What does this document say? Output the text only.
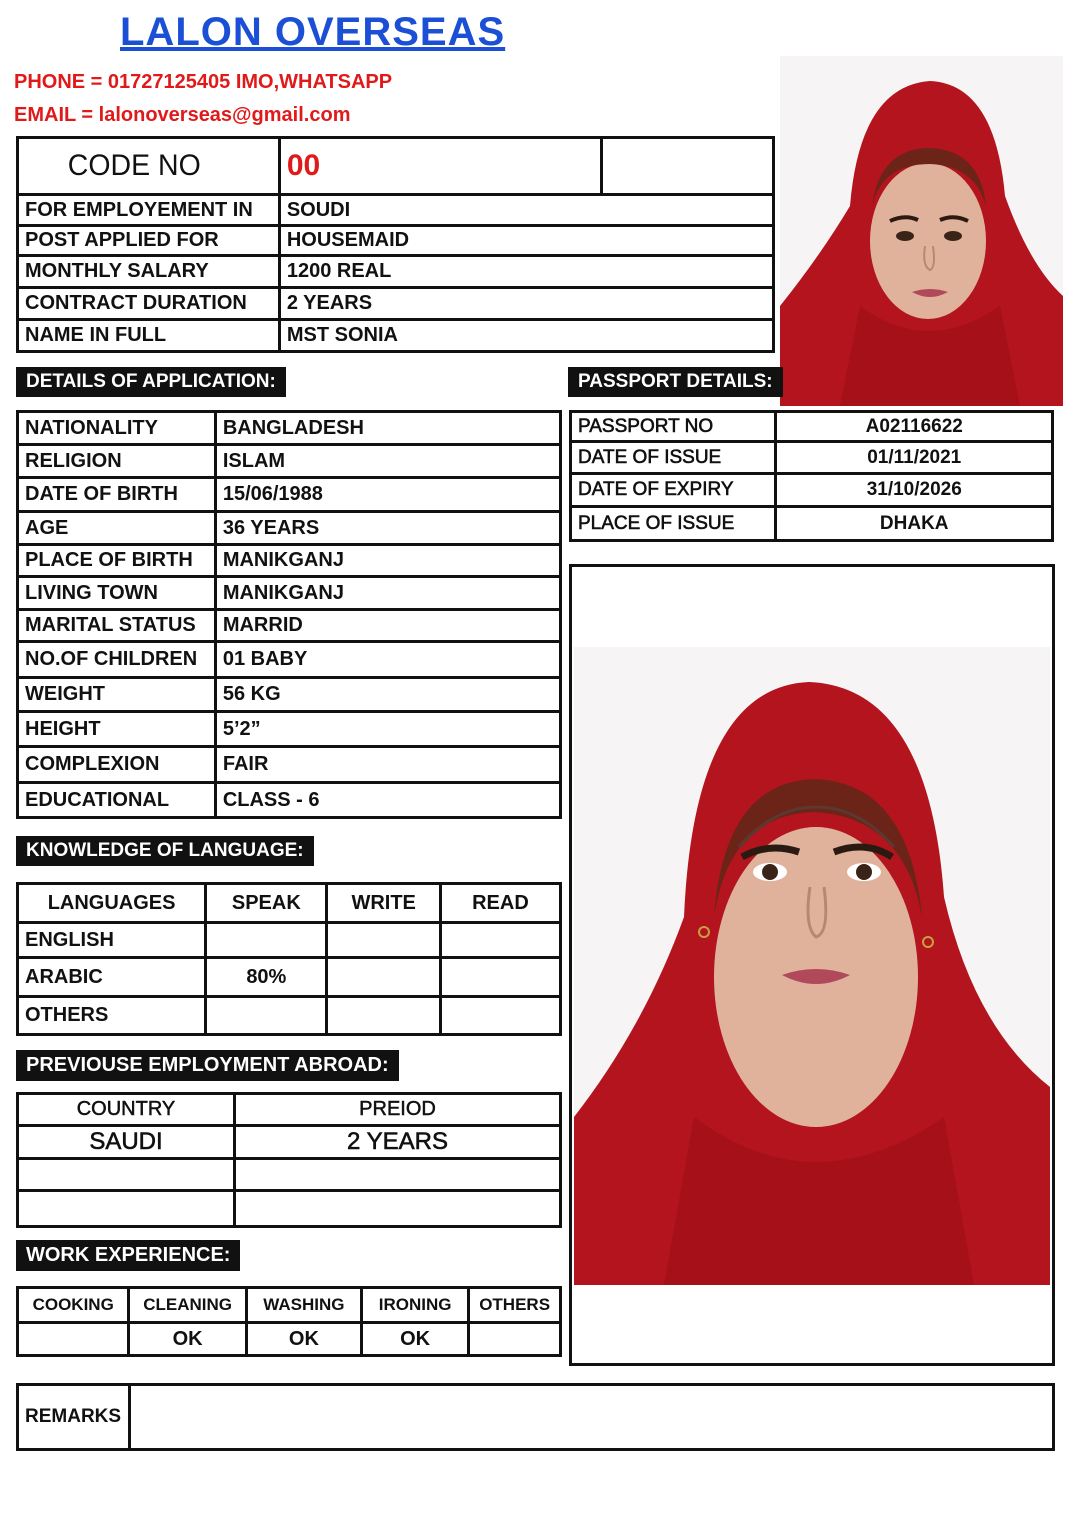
LALON OVERSEAS
PHONE = 01727125405 IMO,WHATSAPP
EMAIL = lalonoverseas@gmail.com
CODE NO	00	
FOR EMPLOYEMENT IN	SOUDI	
POST APPLIED FOR	HOUSEMAID	
MONTHLY SALARY	1200 REAL	
CONTRACT DURATION	2 YEARS	
NAME IN FULL	MST SONIA	
DETAILS OF APPLICATION:	PASSPORT DETAILS:
NATIONALITY	BANGLADESH
RELIGION	ISLAM
DATE OF BIRTH	15/06/1988
AGE	36 YEARS
PLACE OF BIRTH	MANIKGANJ
LIVING TOWN	MANIKGANJ
MARITAL STATUS	MARRID
NO.OF CHILDREN	01 BABY
WEIGHT	56 KG
HEIGHT	5’2”
COMPLEXION	FAIR
EDUCATIONAL	CLASS - 6
PASSPORT NO	A02116622
DATE OF ISSUE	01/11/2021
DATE OF EXPIRY	31/10/2026
PLACE OF ISSUE	DHAKA
KNOWLEDGE OF LANGUAGE:
LANGUAGES	SPEAK	WRITE	READ
ENGLISH			
ARABIC	80%		
OTHERS			
PREVIOUSE EMPLOYMENT ABROAD:
COUNTRY	PREIOD
SAUDI	2 YEARS

WORK EXPERIENCE:
COOKING	CLEANING	WASHING	IRONING	OTHERS
	OK	OK	OK	
REMARKS	
